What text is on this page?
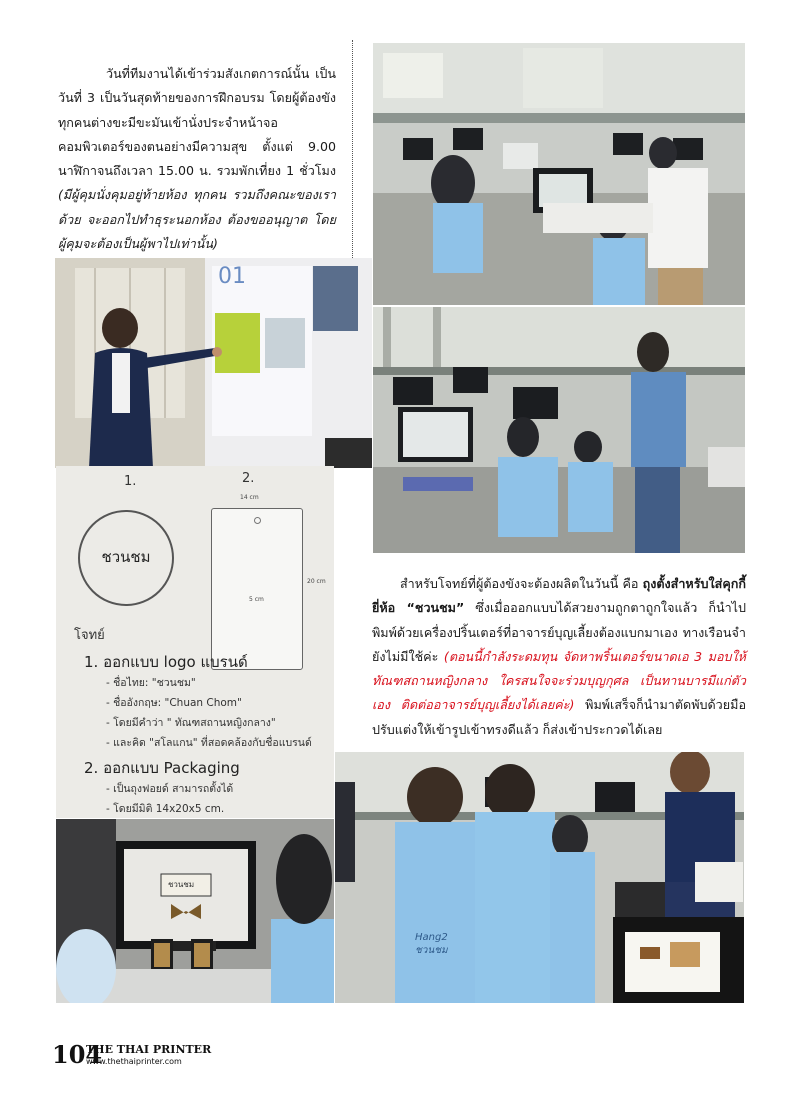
วันที่ทีมงานได้เข้าร่วมสังเกตการณ์นั้น เป็นวันที่ 3 เป็นวันสุดท้ายของการฝึกอบรม โดยผู้ต้องขังทุกคนต่างขะมีขะมันเข้านั่งประจำหน้าจอคอมพิวเตอร์ของตนอย่างมีความสุข ตั้งแต่ 9.00 นาฬิกาจนถึงเวลา 15.00 น. รวมพักเที่ยง 1 ชั่วโมง (มีผู้คุมนั่งคุมอยู่ท้ายห้อง ทุกคน รวมถึงคณะของเราด้วย จะออกไปทำธุระนอกห้อง ต้องขออนุญาต โดยผู้คุมจะต้องเป็นผู้พาไปเท่านั้น)
01
1.	2.
14 cm
20 cm
5 cm
ชวนชม
โจทย์
1. ออกแบบ logo แบรนด์
- ชื่อไทย: "ชวนชม"
- ชื่ออังกฤษ: "Chuan Chom"
- โดยมีคำว่า " ทัณฑสถานหญิงกลาง"
- และคิด "สโลแกน" ที่สอดคล้องกับชื่อแบรนด์
2. ออกแบบ Packaging
- เป็นถุงฟอยด์ สามารถตั้งได้
- โดยมีมิติ 14x20x5 cm.
สำหรับโจทย์ที่ผู้ต้องขังจะต้องผลิตในวันนี้ คือ ถุงตั้งสำหรับใส่คุกกี้ยี่ห้อ “ชวนชม” ซึ่งเมื่อออกแบบได้สวยงามถูกตาถูกใจแล้ว ก็นำไปพิมพ์ด้วยเครื่องปริ้นเตอร์ที่อาจารย์บุญเลี้ยงต้องแบกมาเอง ทางเรือนจำยังไม่มีใช้ค่ะ (ตอนนี้กำลังระดมทุน จัดหาพริ้นเตอร์ขนาดเอ 3 มอบให้ทัณฑสถานหญิงกลาง ใครสนใจจะร่วมบุญกุศล เป็นทานบารมีแก่ตัวเอง ติดต่ออาจารย์บุญเลี้ยงได้เลยค่ะ) พิมพ์เสร็จก็นำมาตัดพับด้วยมือ ปรับแต่งให้เข้ารูปเข้าทรงดีแล้ว ก็ส่งเข้าประกวดได้เลย
ชวนชม
Hang2 ชวนชม
104
THE THAI PRINTER
www.thethaiprinter.com
